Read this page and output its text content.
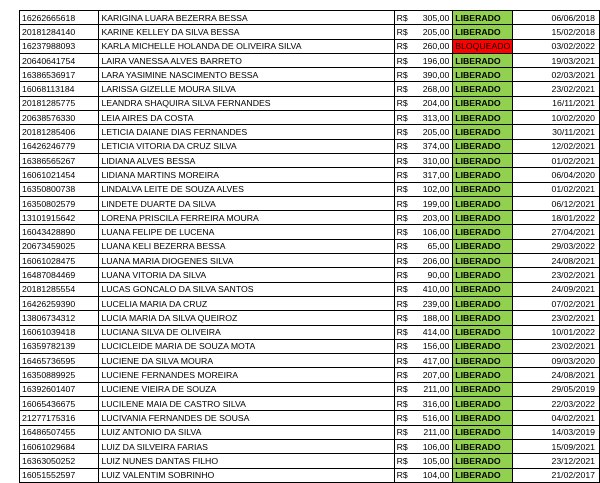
16262665618	KARIGINA LUARA BEZERRA BESSA	R$	305,00	LIBERADO	06/06/2018
20181284140	KARINE KELLEY DA SILVA BESSA	R$	205,00	LIBERADO	15/02/2018
16237988093	KARLA MICHELLE HOLANDA DE OLIVEIRA SILVA	R$	260,00	BLOQUEADO	03/02/2022
20640641754	LAIRA VANESSA ALVES BARRETO	R$	196,00	LIBERADO	19/03/2021
16386536917	LARA YASIMINE NASCIMENTO BESSA	R$	390,00	LIBERADO	02/03/2021
16068113184	LARISSA GIZELLE MOURA SILVA	R$	268,00	LIBERADO	23/02/2021
20181285775	LEANDRA SHAQUIRA SILVA FERNANDES	R$	204,00	LIBERADO	16/11/2021
20638576330	LEIA AIRES DA COSTA	R$	313,00	LIBERADO	10/02/2020
20181285406	LETICIA DAIANE DIAS FERNANDES	R$	205,00	LIBERADO	30/11/2021
16426246779	LETICIA VITORIA DA CRUZ SILVA	R$	374,00	LIBERADO	12/02/2021
16386565267	LIDIANA ALVES BESSA	R$	310,00	LIBERADO	01/02/2021
16061021454	LIDIANA MARTINS MOREIRA	R$	317,00	LIBERADO	06/04/2020
16350800738	LINDALVA LEITE DE SOUZA ALVES	R$	102,00	LIBERADO	01/02/2021
16350802579	LINDETE DUARTE DA SILVA	R$	199,00	LIBERADO	06/12/2021
13101915642	LORENA PRISCILA FERREIRA MOURA	R$	203,00	LIBERADO	18/01/2022
16043428890	LUANA FELIPE DE LUCENA	R$	106,00	LIBERADO	27/04/2021
20673459025	LUANA KELI BEZERRA BESSA	R$	65,00	LIBERADO	29/03/2022
16061028475	LUANA MARIA DIOGENES SILVA	R$	206,00	LIBERADO	24/08/2021
16487084469	LUANA VITORIA DA SILVA	R$	90,00	LIBERADO	23/02/2021
20181285554	LUCAS GONCALO DA SILVA SANTOS	R$	410,00	LIBERADO	24/09/2021
16426259390	LUCELIA MARIA DA CRUZ	R$	239,00	LIBERADO	07/02/2021
13806734312	LUCIA MARIA DA SILVA QUEIROZ	R$	188,00	LIBERADO	23/02/2021
16061039418	LUCIANA SILVA DE OLIVEIRA	R$	414,00	LIBERADO	10/01/2022
16359782139	LUCICLEIDE MARIA DE SOUZA MOTA	R$	156,00	LIBERADO	23/02/2021
16465736595	LUCIENE DA SILVA MOURA	R$	417,00	LIBERADO	09/03/2020
16350889925	LUCIENE FERNANDES MOREIRA	R$	207,00	LIBERADO	24/08/2021
16392601407	LUCIENE VIEIRA DE SOUZA	R$	211,00	LIBERADO	29/05/2019
16065436675	LUCILENE MAIA DE CASTRO SILVA	R$	316,00	LIBERADO	22/03/2022
21277175316	LUCIVANIA FERNANDES DE SOUSA	R$	516,00	LIBERADO	04/02/2021
16486507455	LUIZ ANTONIO DA SILVA	R$	211,00	LIBERADO	14/03/2019
16061029684	LUIZ DA SILVEIRA FARIAS	R$	106,00	LIBERADO	15/09/2021
16363050252	LUIZ NUNES DANTAS FILHO	R$	105,00	LIBERADO	23/12/2021
16051552597	LUIZ VALENTIM SOBRINHO	R$	104,00	LIBERADO	21/02/2017
